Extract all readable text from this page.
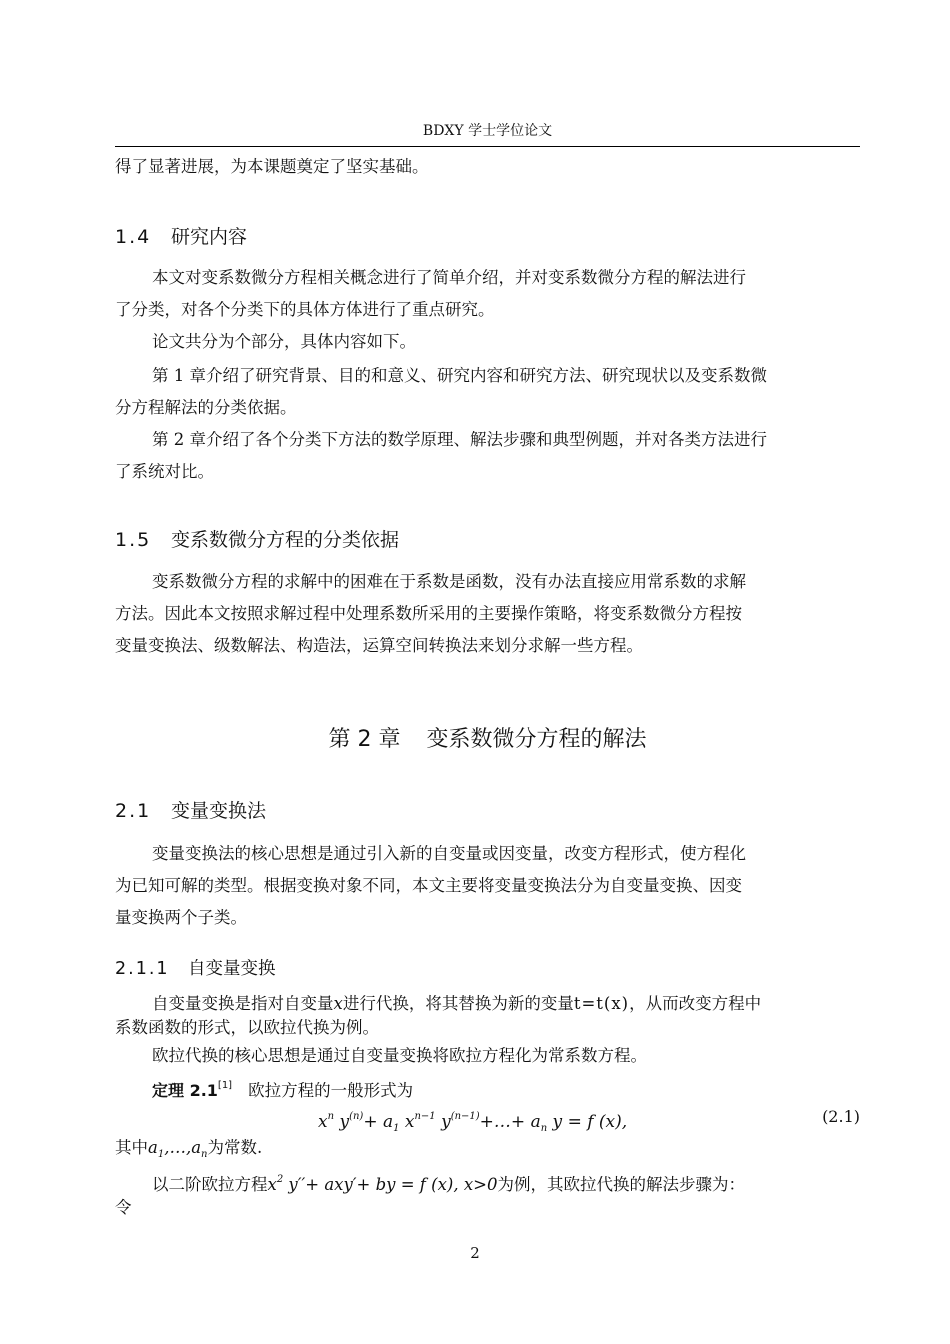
BDXY 学士学位论文

得了显著进展，为本课题奠定了坚实基础。

1.4 研究内容

本文对变系数微分方程相关概念进行了简单介绍，并对变系数微分方程的解法进行

了分类，对各个分类下的具体方体进行了重点研究。

论文共分为个部分，具体内容如下。

第 1 章介绍了研究背景、目的和意义、研究内容和研究方法、研究现状以及变系数微

分方程解法的分类依据。

第 2 章介绍了各个分类下方法的数学原理、解法步骤和典型例题，并对各类方法进行

了系统对比。

1.5 变系数微分方程的分类依据

变系数微分方程的求解中的困难在于系数是函数，没有办法直接应用常系数的求解

方法。因此本文按照求解过程中处理系数所采用的主要操作策略，将变系数微分方程按

变量变换法、级数解法、构造法，运算空间转换法来划分求解一些方程。

第 2 章 变系数微分方程的解法
2.1 变量变换法

变量变换法的核心思想是通过引入新的自变量或因变量，改变方程形式，使方程化

为已知可解的类型。根据变换对象不同，本文主要将变量变换法分为自变量变换、因变

量变换两个子类。

2.1.1 自变量变换

自变量变换是指对自变量x进行代换，将其替换为新的变量t=t(x)，从而改变方程中

系数函数的形式，以欧拉代换为例。

欧拉代换的核心思想是通过自变量变换将欧拉方程化为常系数方程。

定理 2.1[1] 欧拉方程的一般形式为

$x^n$ $y^{(n)}+ a_1$ $x^{n-1}$ $y^{(n-1)}+\dots+ a_n$ y = f (x),	(2.1)

其中$a_1,\dots,a_n$为常数.

以二阶欧拉方程$x^2$ y′′+ axy′+ by = f (x), x>0为例，其欧拉代换的解法步骤为：

令

2
